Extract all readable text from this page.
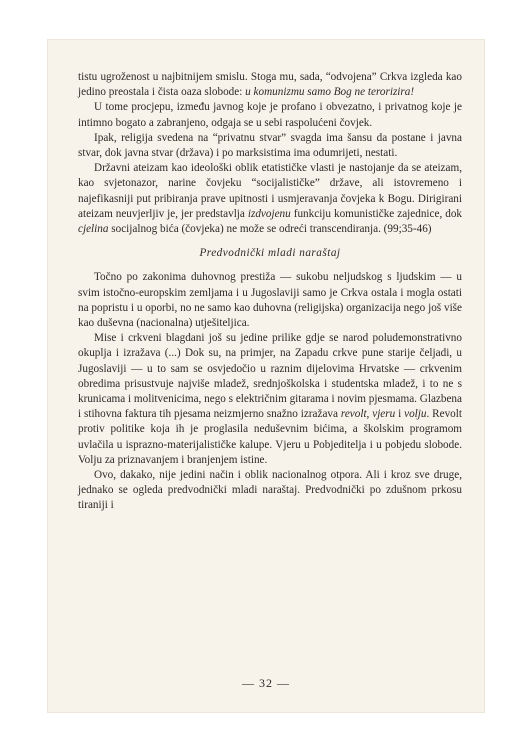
tistu ugroženost u najbitnijem smislu. Stoga mu, sada, “odvojena” Crkva izgleda kao jedino preostala i čista oaza slobode: u komunizmu samo Bog ne terorizira!

U tome procjepu, između javnog koje je profano i obvezatno, i privatnog koje je intimno bogato a zabranjeno, odgaja se u sebi raspolućeni čovjek.

Ipak, religija svedena na “privatnu stvar” svagda ima šansu da postane i javna stvar, dok javna stvar (država) i po marksistima ima odumrijeti, nestati.

Državni ateizam kao ideološki oblik etatističke vlasti je nastojanje da se ateizam, kao svjetonazor, narine čovjeku “socijalističke” države, ali istovremeno i najefikasniji put pribiranja prave upitnosti i usmjeravanja čovjeka k Bogu. Dirigirani ateizam neuvjerljiv je, jer predstavlja izdvojenu funkciju komunističke zajednice, dok cjelina socijalnog bića (čovjeka) ne može se odreći transcendiranja. (99;35-46)

Predvodnički mladi naraštaj

Točno po zakonima duhovnog prestiža — sukobu neljudskog s ljudskim — u svim istočno-europskim zemljama i u Jugoslaviji samo je Crkva ostala i mogla ostati na popristu i u oporbi, no ne samo kao duhovna (religijska) organizacija nego još više kao duševna (nacionalna) utješiteljica.

Mise i crkveni blagdani još su jedine prilike gdje se narod poludemonstrativno okuplja i izražava (...) Dok su, na primjer, na Zapadu crkve pune starije čeljadi, u Jugoslaviji — u to sam se osvjedočio u raznim dijelovima Hrvatske — crkvenim obredima prisustvuje najviše mladež, srednjoškolska i studentska mladež, i to ne s krunicama i molitvenicima, nego s električnim gitarama i novim pjesmama. Glazbena i stihovna faktura tih pjesama neizmjerno snažno izražava revolt, vjeru i volju. Revolt protiv politike koja ih je proglasila nedušеvnim bićima, a školskim programom uvlačila u isprazno-materijalističke kalupe. Vjeru u Pobjeditelja i u pobjedu slobode. Volju za priznavanjem i branjenjem istine.

Ovo, dakako, nije jedini način i oblik nacionalnog otpora. Ali i kroz sve druge, jednako se ogleda predvodnički mladi naraštaj. Predvodnički po zdušnom prkosu tiraniji i

— 32 —
